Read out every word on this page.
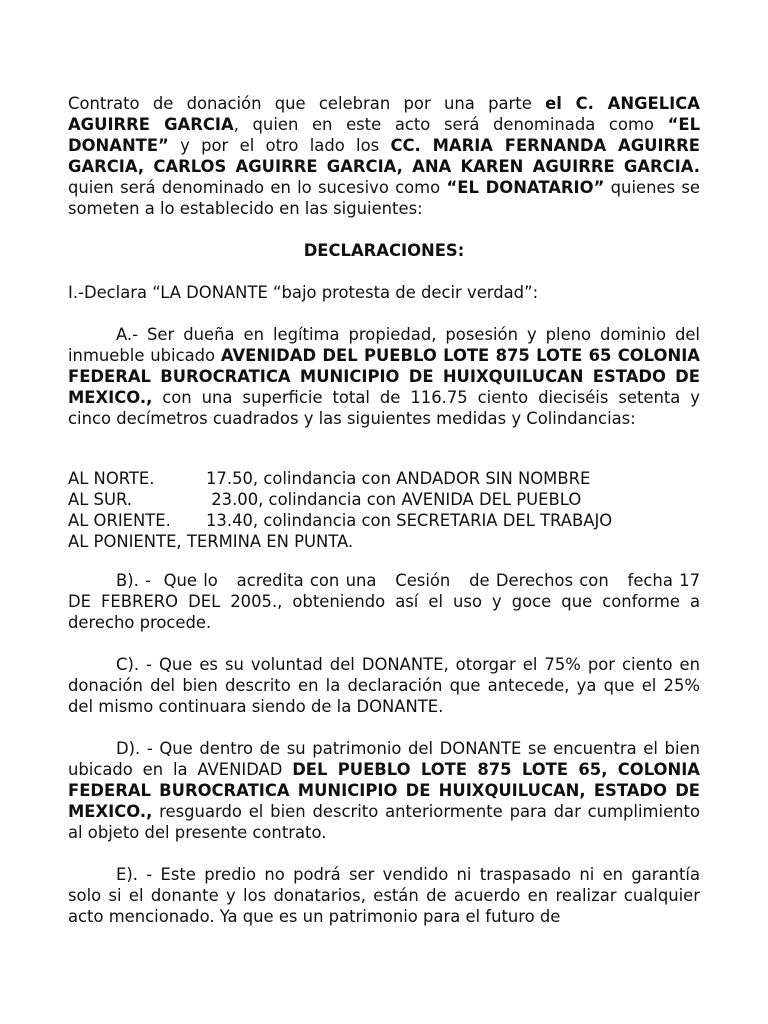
Contrato de donación que celebran por una parte el C. ANGELICA AGUIRRE GARCIA, quien en este acto será denominada como “EL DONANTE” y por el otro lado los CC. MARIA FERNANDA AGUIRRE GARCIA, CARLOS AGUIRRE GARCIA, ANA KAREN AGUIRRE GARCIA. quien será denominado en lo sucesivo como “EL DONATARIO” quienes se someten a lo establecido en las siguientes:

DECLARACIONES:

I.-Declara “LA DONANTE “bajo protesta de decir verdad”:

A.- Ser dueña en legítima propiedad, posesión y pleno dominio del inmueble ubicado AVENIDAD DEL PUEBLO LOTE 875 LOTE 65 COLONIA FEDERAL BUROCRATICA MUNICIPIO DE HUIXQUILUCAN ESTADO DE MEXICO., con una superficie total de 116.75 ciento dieciséis setenta y cinco decímetros cuadrados y las siguientes medidas y Colindancias:

AL NORTE.	17.50, colindancia con ANDADOR SIN NOMBRE
AL SUR.	23.00, colindancia con AVENIDA DEL PUEBLO
AL ORIENTE. 13.40, colindancia con SECRETARIA DEL TRABAJO
AL PONIENTE, TERMINA EN PUNTA.

B). -  Que lo   acredita con una   Cesión   de Derechos con   fecha 17 DE FEBRERO DEL 2005., obteniendo así el uso y goce que conforme a derecho procede.

C). - Que es su voluntad del DONANTE, otorgar el 75% por ciento en donación del bien descrito en la declaración que antecede, ya que el 25% del mismo continuara siendo de la DONANTE.

D). - Que dentro de su patrimonio del DONANTE se encuentra el bien ubicado en la AVENIDAD DEL PUEBLO LOTE 875 LOTE 65, COLONIA FEDERAL BUROCRATICA MUNICIPIO DE HUIXQUILUCAN, ESTADO DE MEXICO., resguardo el bien descrito anteriormente para dar cumplimiento al objeto del presente contrato.

E). - Este predio no podrá ser vendido ni traspasado ni en garantía solo si el donante y los donatarios, están de acuerdo en realizar cualquier acto mencionado. Ya que es un patrimonio para el futuro de
